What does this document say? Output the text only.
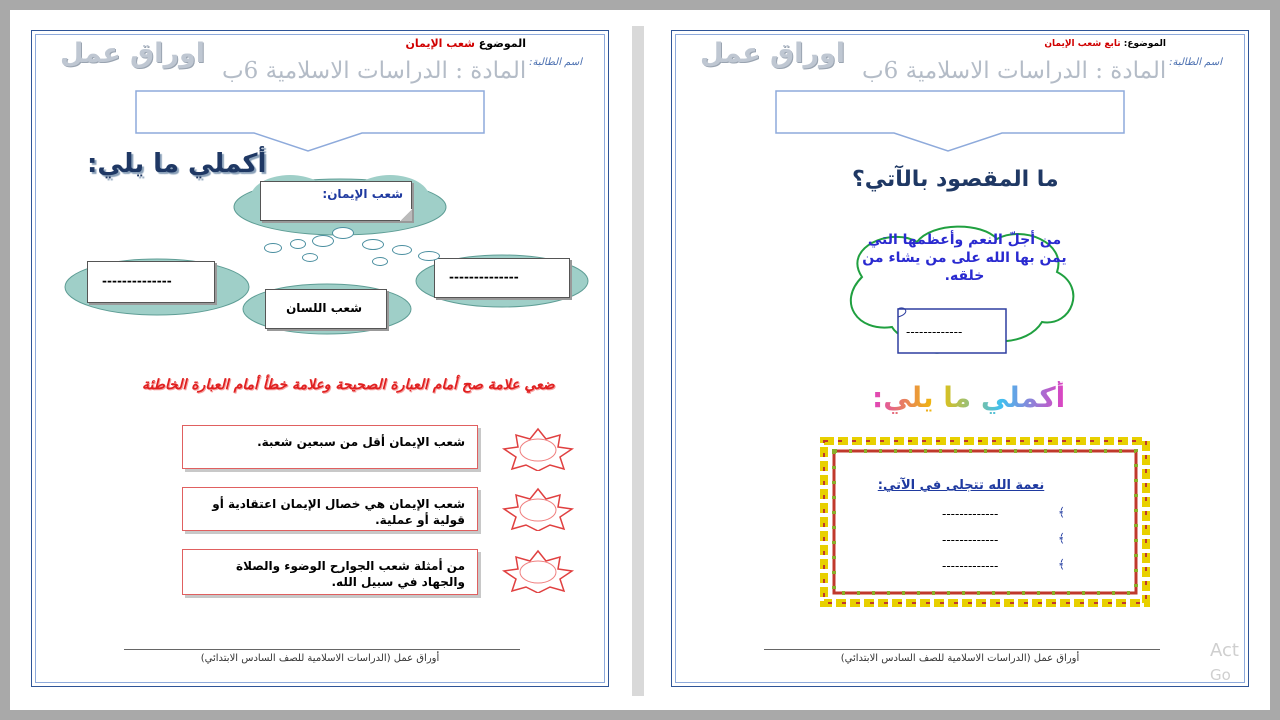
اوراق عمل
المادة : الدراسات الاسلامية 6ب اسم الطالبة:
الموضوع شعب الإيمان
أكملي ما يلي:
شعب الإيمان:
--------------	--------------
شعب اللسان
ضعي علامة صح أمام العبارة الصحيحة وعلامة خطأ أمام العبارة الخاطئة
شعب الإيمان أقل من سبعين شعبة.
شعب الإيمان هي خصال الإيمان اعتقادية أو قولية أو عملية.
من أمثلة شعب الجوارح الوضوء والصلاة والجهاد في سبيل الله.
أوراق عمل (الدراسات الاسلامية للصف السادس الابتدائي)
اوراق عمل
المادة : الدراسات الاسلامية 6ب اسم الطالبة:
الموضوع: تابع شعب الإيمان
ما المقصود بالآتي؟
من أجلّ النعم وأعظمها التي يمن بها الله على من يشاء من خلقه.
-------------
أكملي ما يلي:
نعمة الله تتجلى في الآتي:
-------------
-------------
-------------
﴾
﴾
﴾
أوراق عمل (الدراسات الاسلامية للصف السادس الابتدائي)	Act
Go
